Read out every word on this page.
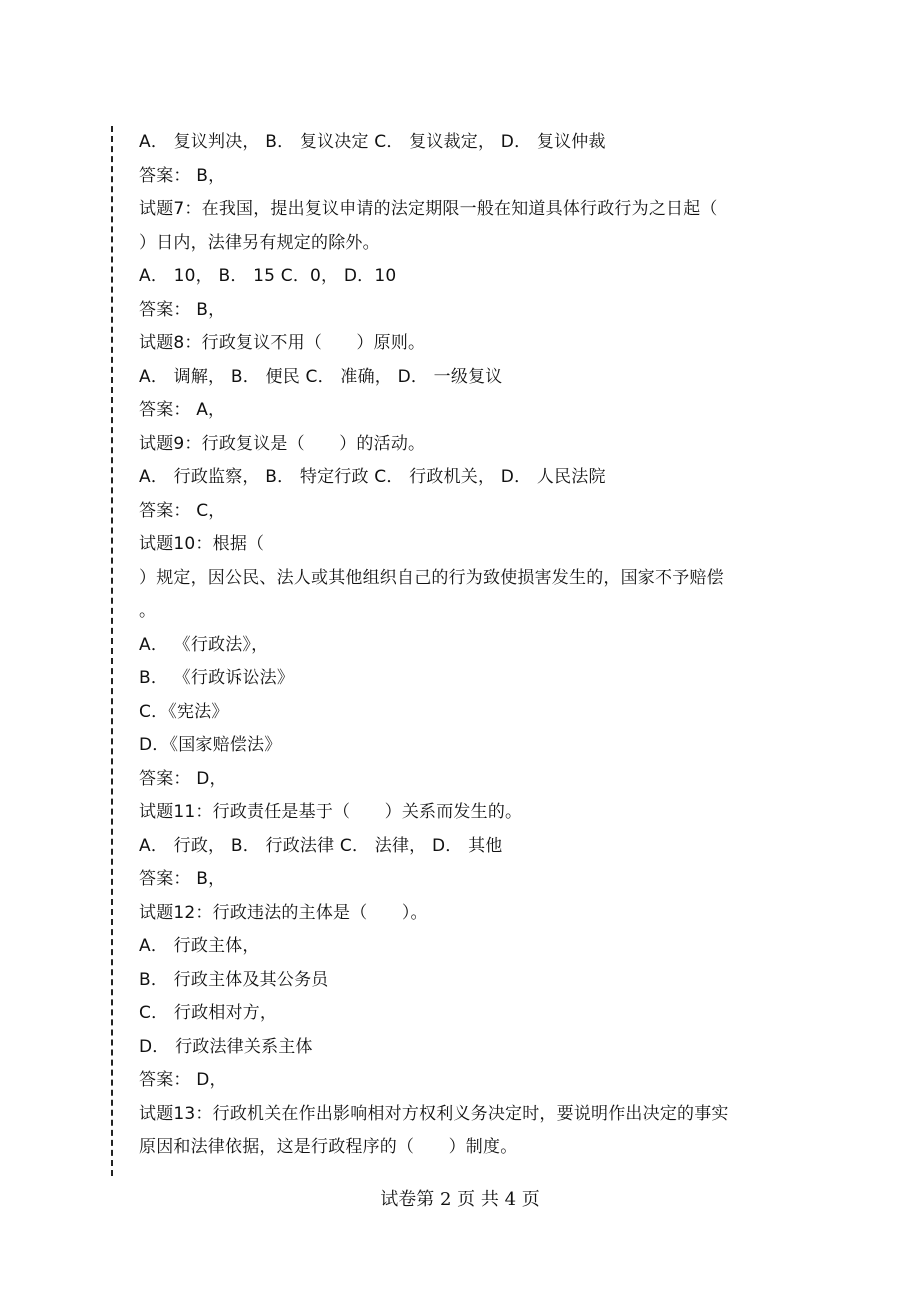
A． 复议判决， B． 复议决定 C． 复议裁定， D． 复议仲裁
答案： B，
试题7：在我国，提出复议申请的法定期限一般在知道具体行政行为之日起（
）日内，法律另有规定的除外。
A． 10， B． 15 C．0， D．10
答案： B，
试题8：行政复议不用（　　）原则。
A． 调解， B． 便民 C． 准确， D． 一级复议
答案： A，
试题9：行政复议是（　　）的活动。
A． 行政监察， B． 特定行政 C． 行政机关， D． 人民法院
答案： C，
试题10：根据（
）规定，因公民、法人或其他组织自己的行为致使损害发生的，国家不予赔偿
。
A． 《行政法》，
B． 《行政诉讼法》
C．《宪法》
D．《国家赔偿法》
答案： D，
试题11：行政责任是基于（　　）关系而发生的。
A． 行政， B． 行政法律 C． 法律， D． 其他
答案： B，
试题12：行政违法的主体是（　　）。
A． 行政主体，
B． 行政主体及其公务员
C． 行政相对方，
D． 行政法律关系主体
答案： D，
试题13：行政机关在作出影响相对方权利义务决定时，要说明作出决定的事实
原因和法律依据，这是行政程序的（　　）制度。
试卷第 2 页 共 4 页
